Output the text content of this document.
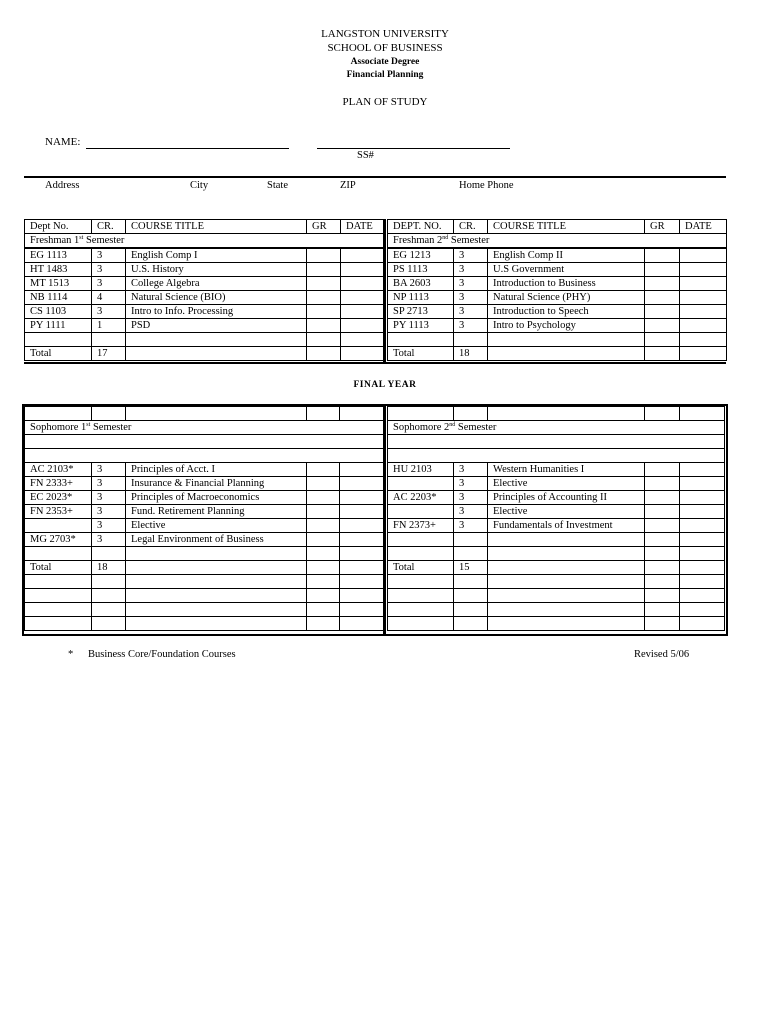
LANGSTON UNIVERSITY
SCHOOL OF BUSINESS
Associate Degree
Financial Planning
PLAN OF STUDY
NAME:
SS#
Address	City	State	ZIP	Home Phone
Dept No.	CR.	COURSE TITLE	GR	DATE
Freshman 1st Semester				
EG 1113	3	English Comp I		
HT 1483	3	U.S. History		
MT 1513	3	College Algebra		
NB 1114	4	Natural Science (BIO)		
CS 1103	3	Intro to Info. Processing		
PY 1111	1	PSD		

Total	17			
DEPT. NO.	CR.	COURSE TITLE	GR	DATE
Freshman 2nd Semester				
EG 1213	3	English Comp II		
PS 1113	3	U.S Government		
BA 2603	3	Introduction to Business		
NP 1113	3	Natural Science (PHY)		
SP 2713	3	Introduction to Speech		
PY 1113	3	Intro to Psychology		

Total	18			
FINAL YEAR

Sophomore 1st Semester				

AC 2103*	3	Principles of Acct. I		
FN 2333+	3	Insurance & Financial Planning		
EC 2023*	3	Principles of Macroeconomics		
FN 2353+	3	Fund. Retirement Planning		
	3	Elective		
MG 2703*	3	Legal Environment of Business		

Total	18			

Sophomore 2nd Semester				

HU 2103	3	Western Humanities I		
	3	Elective		
AC 2203*	3	Principles of Accounting II		
	3	Elective		
FN 2373+	3	Fundamentals of Investment		

Total	15			

* Business Core/Foundation Courses	Revised 5/06
